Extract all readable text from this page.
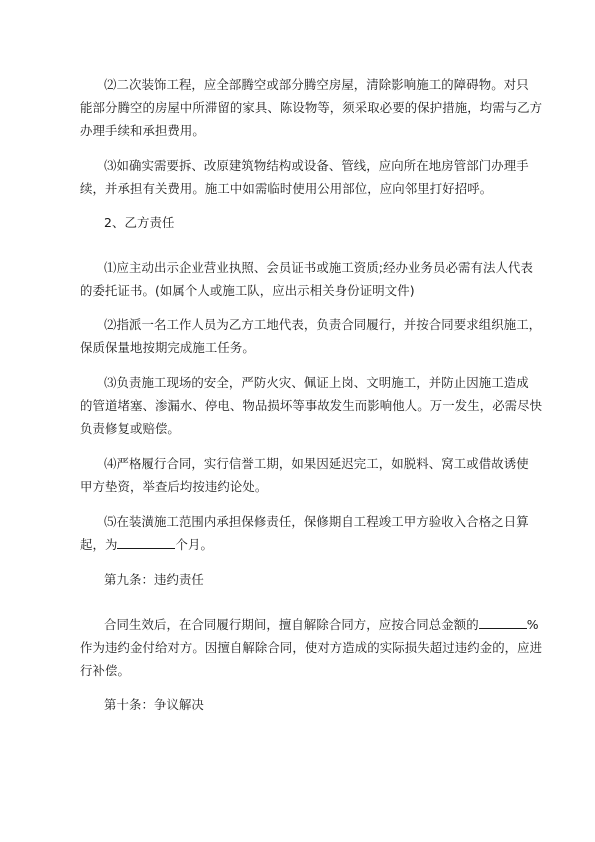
⑵二次装饰工程，应全部腾空或部分腾空房屋，清除影响施工的障碍物。对只
能部分腾空的房屋中所滞留的家具、陈设物等，须采取必要的保护措施，均需与乙方
办理手续和承担费用。

⑶如确实需要拆、改原建筑物结构或设备、管线，应向所在地房管部门办理手
续，并承担有关费用。施工中如需临时使用公用部位，应向邻里打好招呼。

2、乙方责任

⑴应主动出示企业营业执照、会员证书或施工资质;经办业务员必需有法人代表
的委托证书。(如属个人或施工队，应出示相关身份证明文件)

⑵指派一名工作人员为乙方工地代表，负责合同履行，并按合同要求组织施工，
保质保量地按期完成施工任务。

⑶负责施工现场的安全，严防火灾、佩证上岗、文明施工，并防止因施工造成
的管道堵塞、渗漏水、停电、物品损坏等事故发生而影响他人。万一发生，必需尽快
负责修复或赔偿。

⑷严格履行合同，实行信誉工期，如果因延迟完工，如脱料、窝工或借故诱使
甲方垫资，举查后均按违约论处。

⑸在装潢施工范围内承担保修责任，保修期自工程竣工甲方验收入合格之日算
起，为	个月。

第九条：违约责任

合同生效后，在合同履行期间，擅自解除合同方，应按合同总金额的	%
作为违约金付给对方。因擅自解除合同，使对方造成的实际损失超过违约金的，应进
行补偿。

第十条：争议解决
